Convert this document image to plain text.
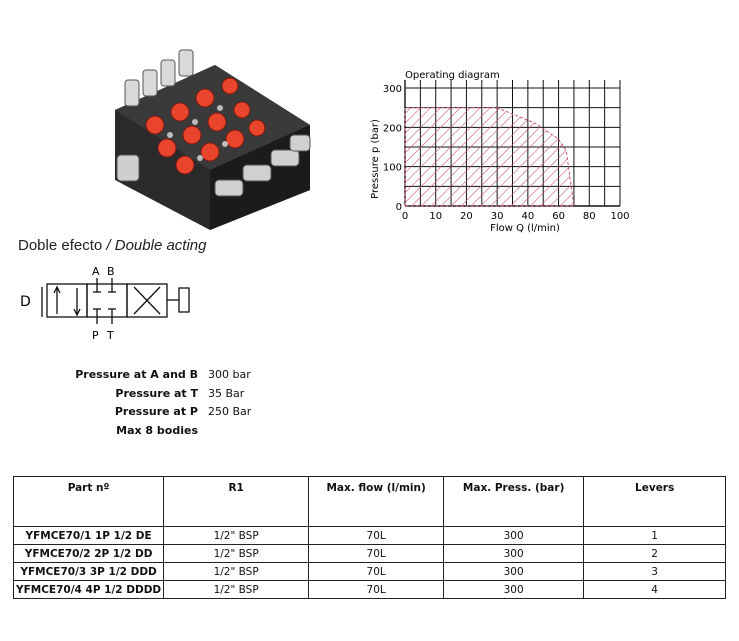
Doble efecto / Double acting
D
A B
P T
Pressure at A and B 300 bar
Pressure at T 35 Bar
Pressure at P 250 Bar
Max 8 bodies
Operating diagram
0 10 20 30 40 60 80 100
0
100
200
300
Flow Q (l/min)
Pressure p (bar)
Part nº	R1	Max. flow (l/min)	Max. Press. (bar)	Levers
YFMCE70/1 1P 1/2 DE	1/2" BSP	70L	300	1
YFMCE70/2 2P 1/2 DD	1/2" BSP	70L	300	2
YFMCE70/3 3P 1/2 DDD	1/2" BSP	70L	300	3
YFMCE70/4 4P 1/2 DDDD	1/2" BSP	70L	300	4
